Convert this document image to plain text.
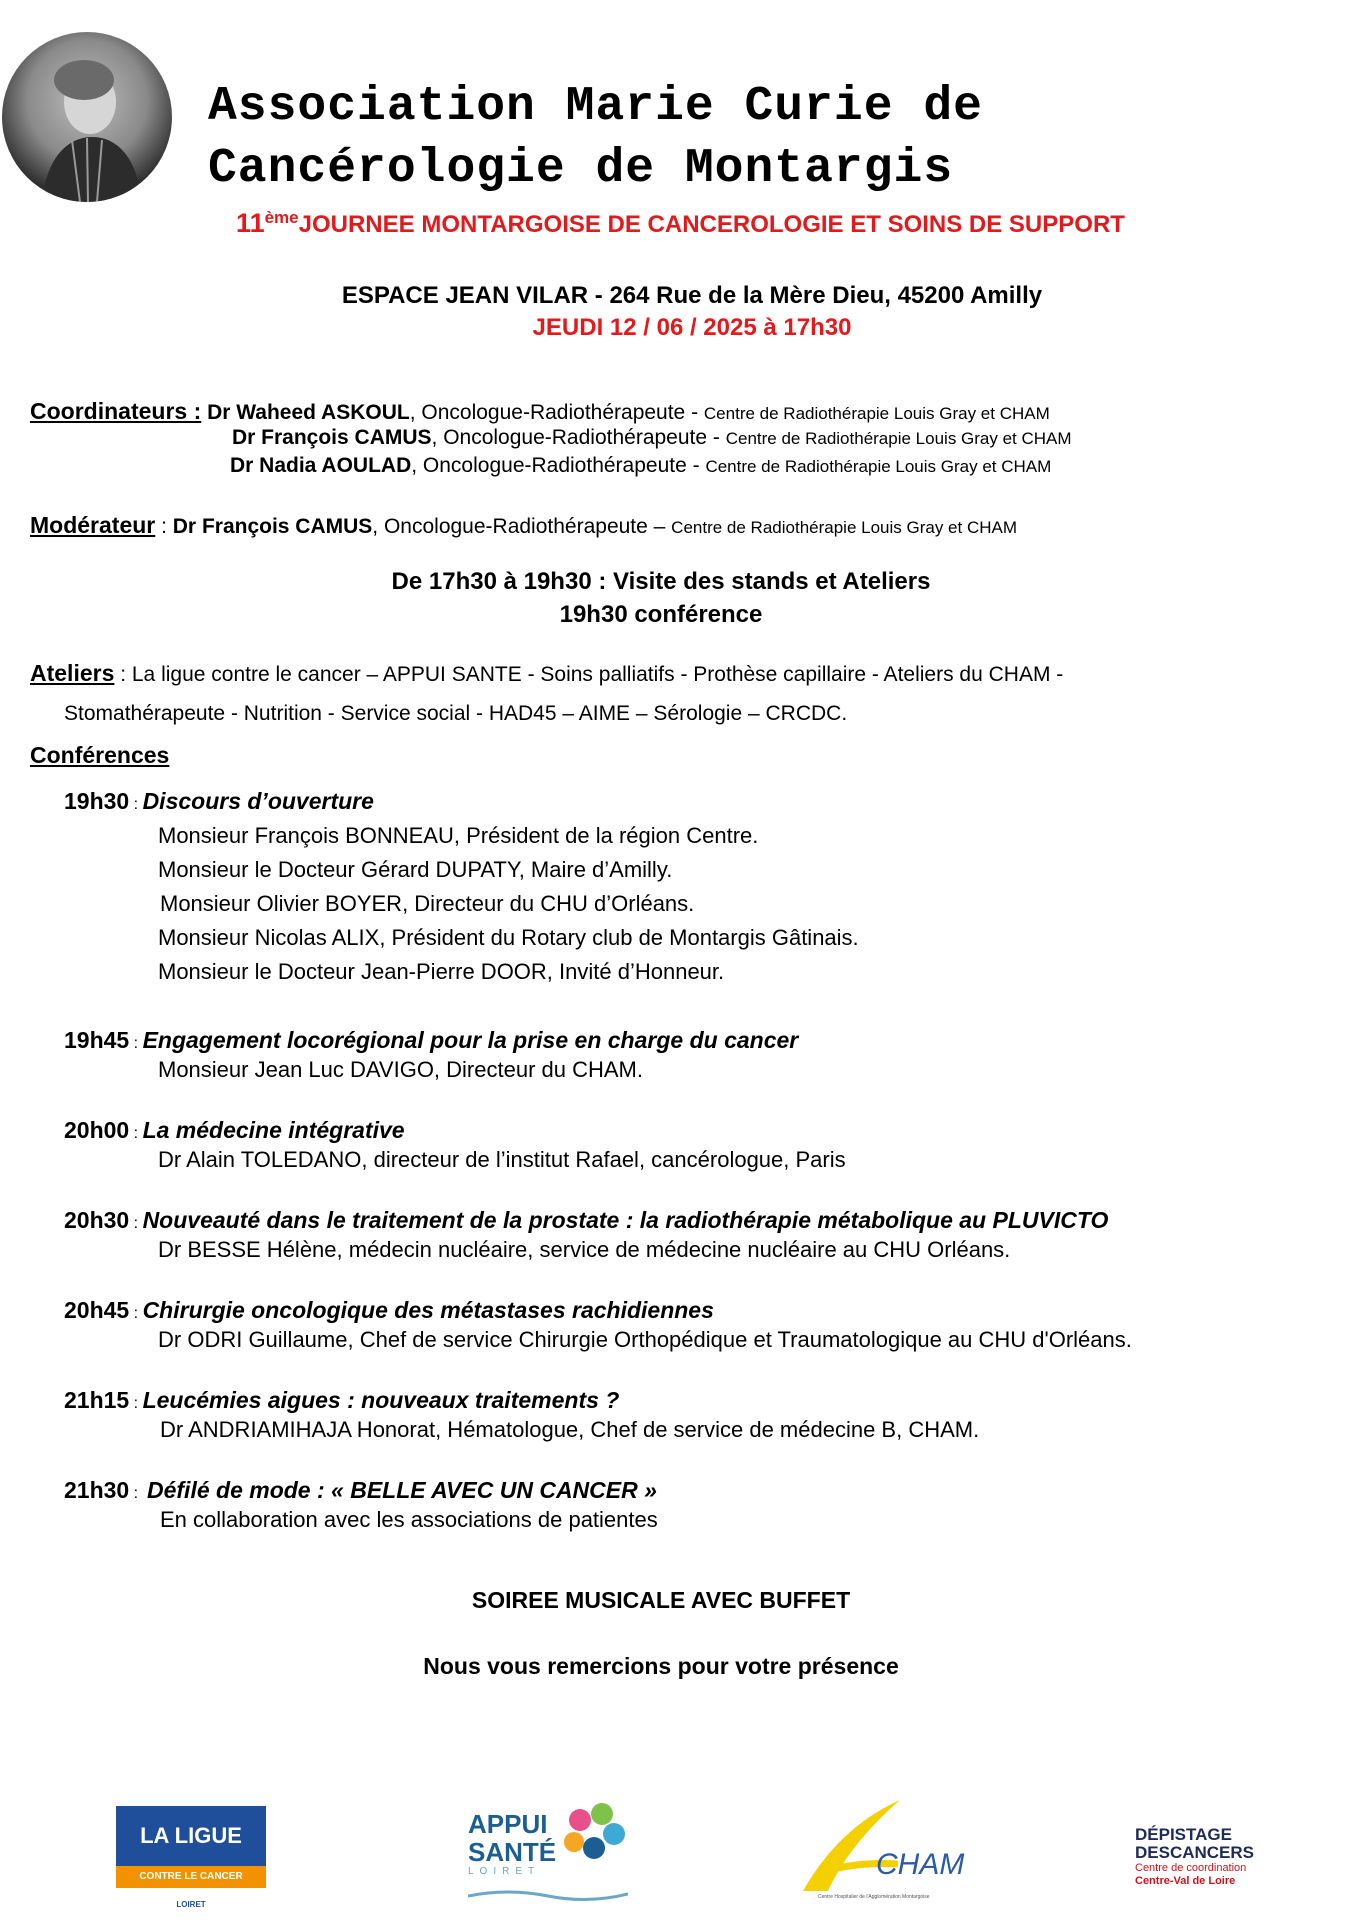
Association Marie Curie de
Cancérologie de Montargis
11èmeJOURNEE MONTARGOISE DE CANCEROLOGIE ET SOINS DE SUPPORT
ESPACE JEAN VILAR - 264 Rue de la Mère Dieu, 45200 Amilly
JEUDI 12 / 06 / 2025 à 17h30
Coordinateurs : Dr Waheed ASKOUL, Oncologue-Radiothérapeute - Centre de Radiothérapie Louis Gray et CHAM
Dr François CAMUS, Oncologue-Radiothérapeute - Centre de Radiothérapie Louis Gray et CHAM
Dr Nadia AOULAD, Oncologue-Radiothérapeute - Centre de Radiothérapie Louis Gray et CHAM
Modérateur : Dr François CAMUS, Oncologue-Radiothérapeute – Centre de Radiothérapie Louis Gray et CHAM
De 17h30 à 19h30 : Visite des stands et Ateliers
19h30 conférence
Ateliers : La ligue contre le cancer – APPUI SANTE - Soins palliatifs - Prothèse capillaire - Ateliers du CHAM -
Stomathérapeute - Nutrition - Service social - HAD45 – AIME – Sérologie – CRCDC.
Conférences
19h30 : Discours d’ouverture
Monsieur François BONNEAU, Président de la région Centre.
Monsieur le Docteur Gérard DUPATY, Maire d’Amilly.
Monsieur Olivier BOYER, Directeur du CHU d’Orléans.
Monsieur Nicolas ALIX, Président du Rotary club de Montargis Gâtinais.
Monsieur le Docteur Jean-Pierre DOOR, Invité d’Honneur.
19h45 : Engagement locorégional pour la prise en charge du cancer
Monsieur Jean Luc DAVIGO, Directeur du CHAM.
20h00 : La médecine intégrative
Dr Alain TOLEDANO, directeur de l’institut Rafael, cancérologue, Paris
20h30 : Nouveauté dans le traitement de la prostate : la radiothérapie métabolique au PLUVICTO
Dr BESSE Hélène, médecin nucléaire, service de médecine nucléaire au CHU Orléans.
20h45 : Chirurgie oncologique des métastases rachidiennes
Dr ODRI Guillaume, Chef de service Chirurgie Orthopédique et Traumatologique au CHU d'Orléans.
21h15 : Leucémies aigues : nouveaux traitements ?
Dr ANDRIAMIHAJA Honorat, Hématologue, Chef de service de médecine B, CHAM.
21h30 :  Défilé de mode : « BELLE AVEC UN CANCER »
En collaboration avec les associations de patientes
SOIREE MUSICALE AVEC BUFFET
Nous vous remercions pour votre présence
LA LIGUE
CONTRE LE CANCER
LOIRET
APPUI
SANTÉ
LOIRET	CHAM
Centre Hospitalier de l'Agglomération Montargoise
DÉPISTAGE
DESCANCERS
Centre de coordination
Centre-Val de Loire
